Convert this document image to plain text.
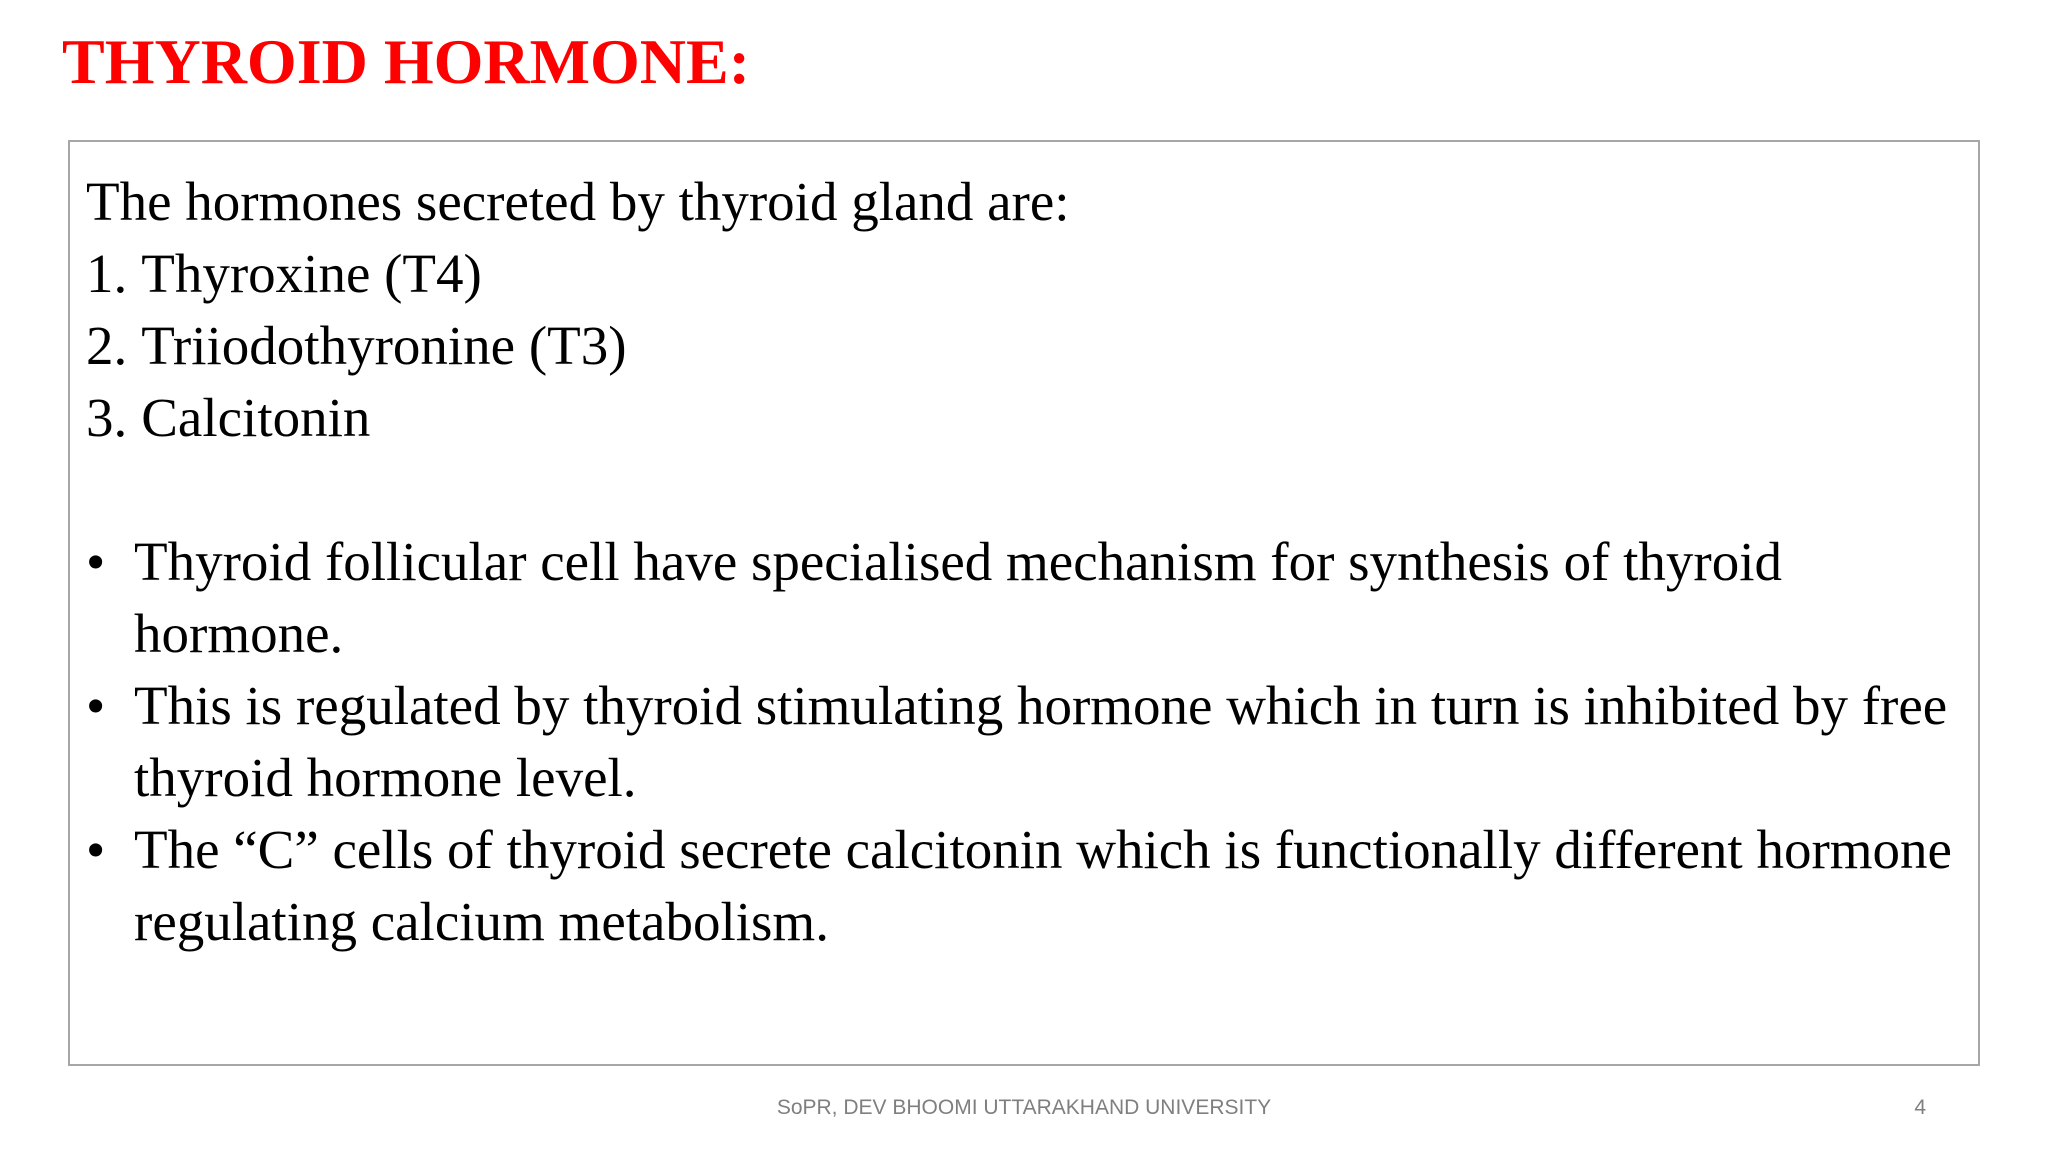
THYROID HORMONE:
The hormones secreted by thyroid gland are:
1. Thyroxine (T4)
2. Triiodothyronine (T3)
3. Calcitonin
• Thyroid follicular cell have specialised mechanism for synthesis of thyroid hormone.
• This is regulated by thyroid stimulating hormone which in turn is inhibited by free thyroid hormone level.
• The “C” cells of thyroid secrete calcitonin which is functionally different hormone regulating calcium metabolism.
SoPR, DEV BHOOMI UTTARAKHAND UNIVERSITY	4
